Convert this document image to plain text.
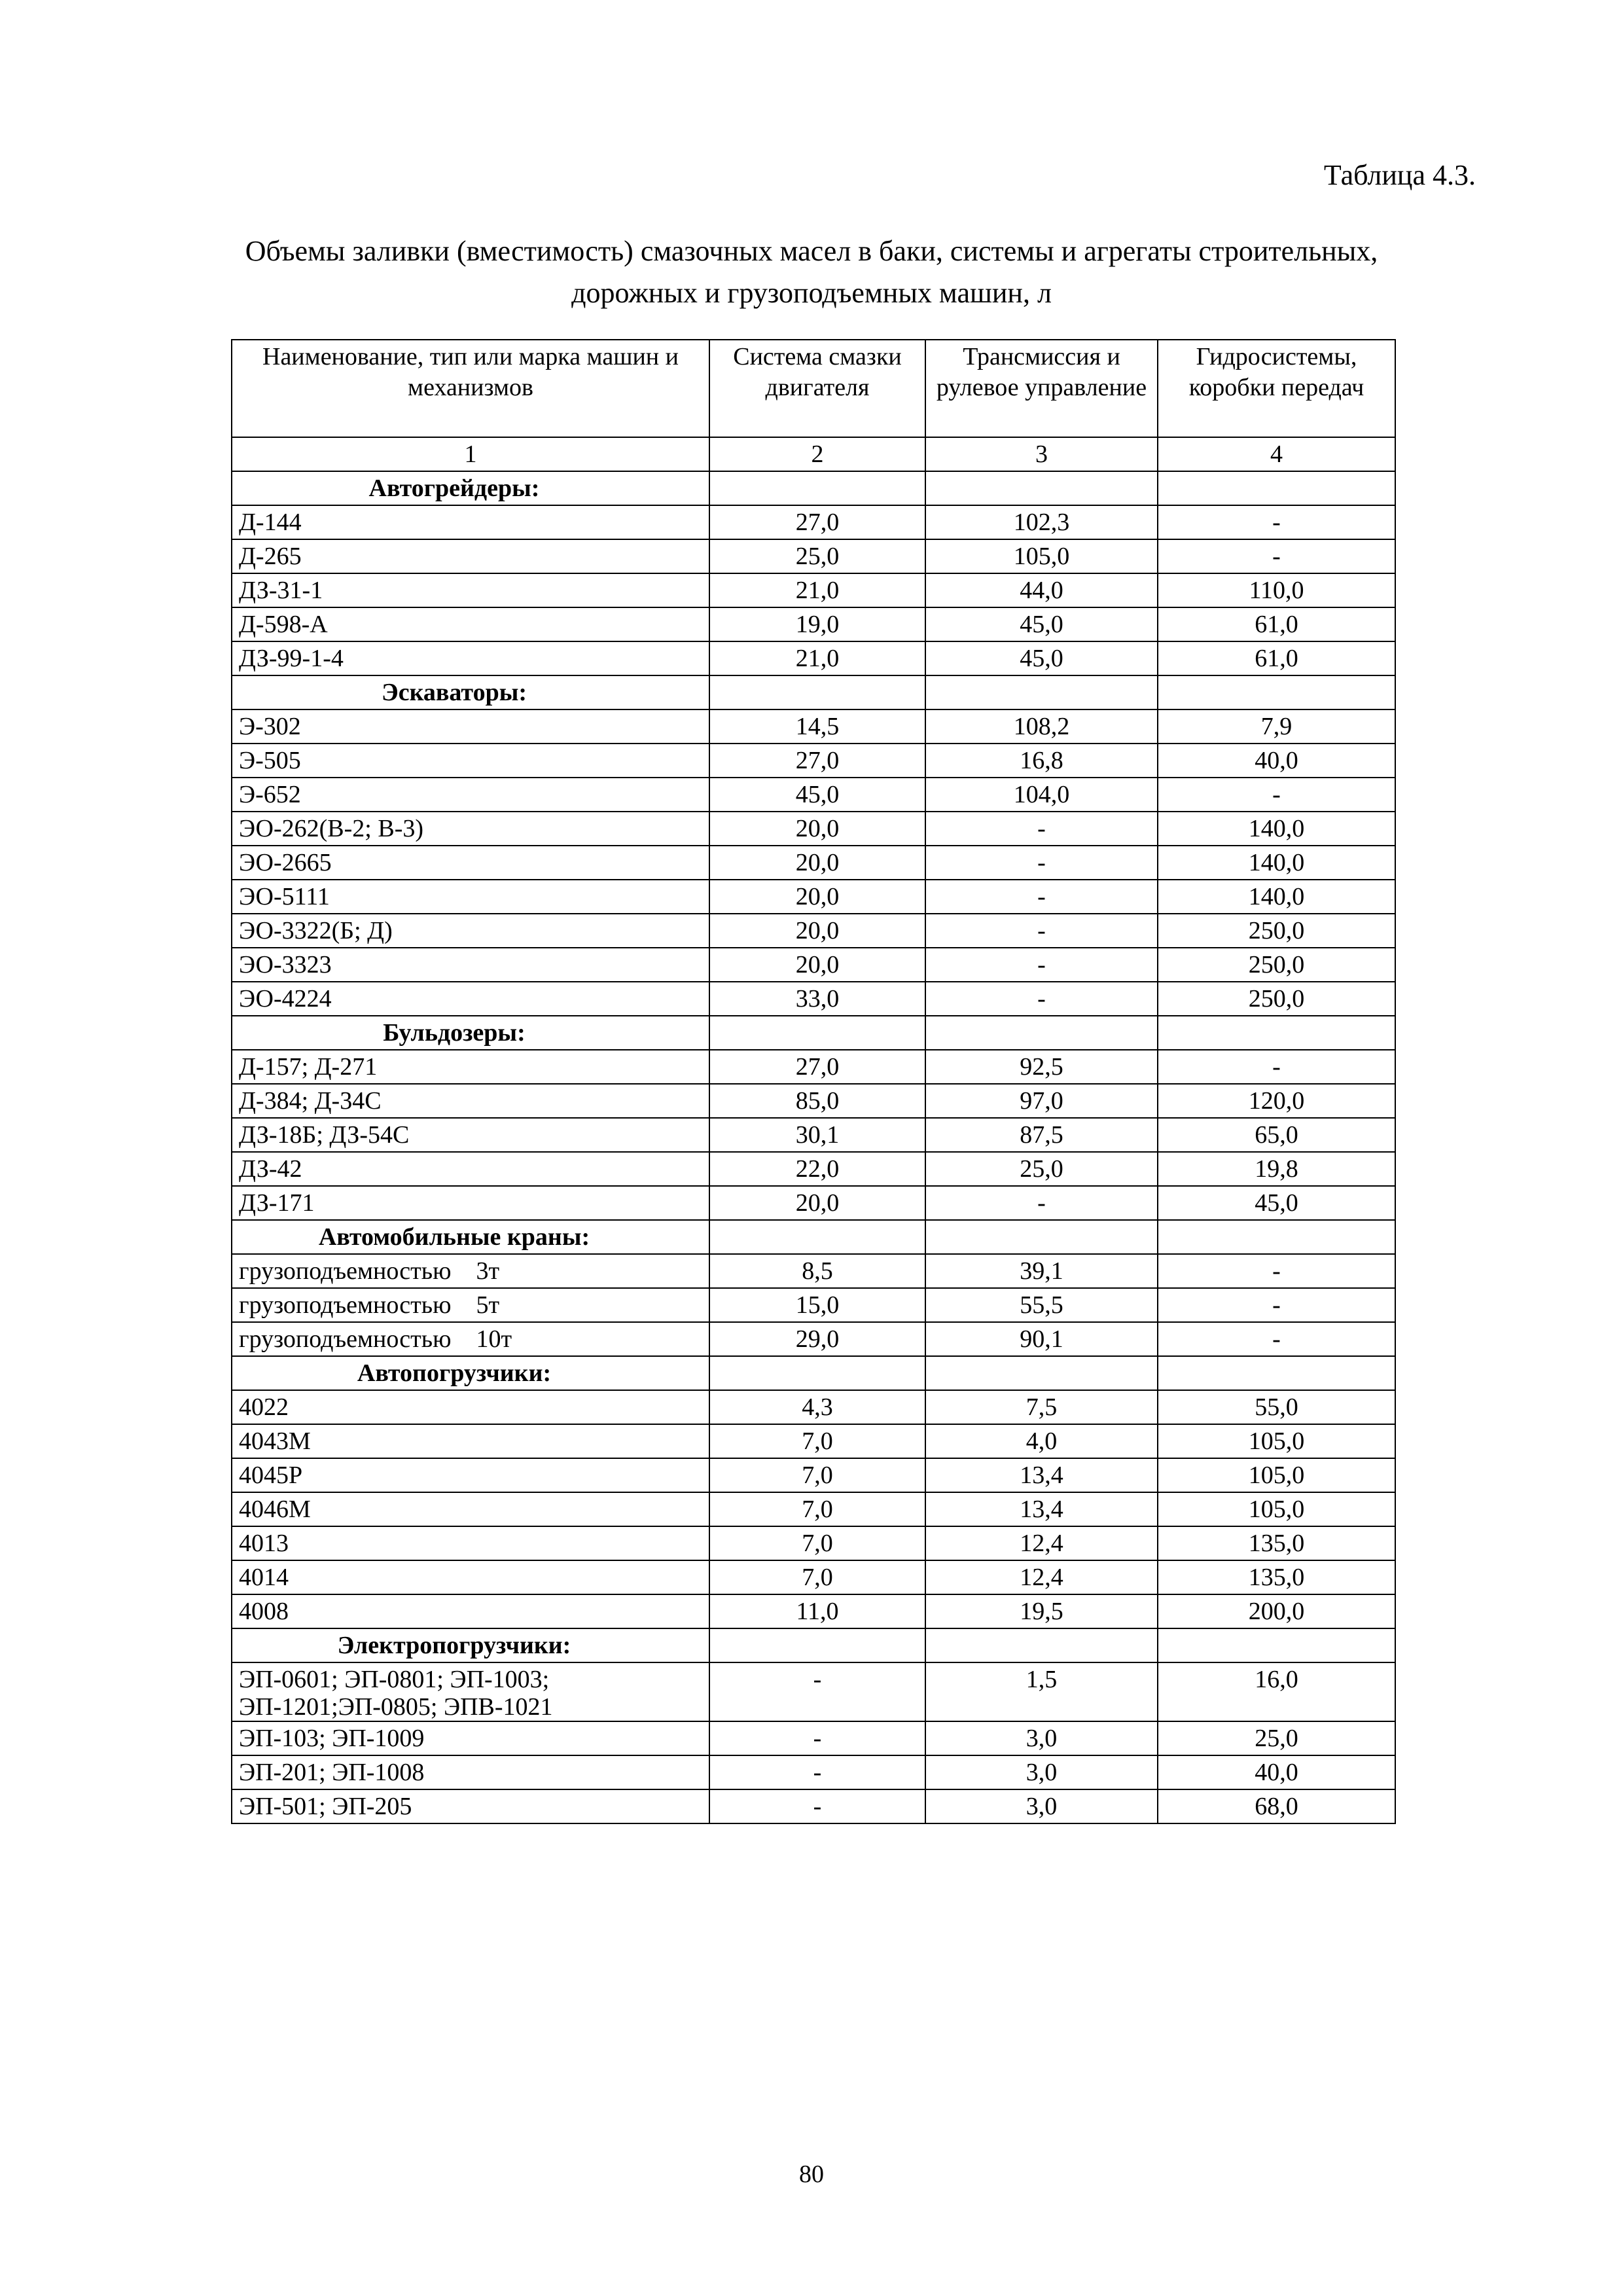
Таблица 4.3.
Объемы заливки (вместимость) смазочных масел в баки, системы и агрегаты строительных,
дорожных и грузоподъемных машин, л
Наименование, тип или марка машин и механизмов	Система смазки двигателя	Трансмиссия и рулевое управление	Гидросистемы, коробки передач
1	2	3	4
Автогрейдеры:			
Д-144	27,0	102,3	-
Д-265	25,0	105,0	-
ДЗ-31-1	21,0	44,0	110,0
Д-598-А	19,0	45,0	61,0
ДЗ-99-1-4	21,0	45,0	61,0
Эскаваторы:			
Э-302	14,5	108,2	7,9
Э-505	27,0	16,8	40,0
Э-652	45,0	104,0	-
ЭО-262(В-2; В-3)	20,0	-	140,0
ЭО-2665	20,0	-	140,0
ЭО-5111	20,0	-	140,0
ЭО-3322(Б; Д)	20,0	-	250,0
ЭО-3323	20,0	-	250,0
ЭО-4224	33,0	-	250,0
Бульдозеры:			
Д-157; Д-271	27,0	92,5	-
Д-384; Д-34С	85,0	97,0	120,0
ДЗ-18Б; ДЗ-54С	30,1	87,5	65,0
ДЗ-42	22,0	25,0	19,8
ДЗ-171	20,0	-	45,0
Автомобильные краны:			
грузоподъемностью    3т	8,5	39,1	-
грузоподъемностью    5т	15,0	55,5	-
грузоподъемностью    10т	29,0	90,1	-
Автопогрузчики:			
4022	4,3	7,5	55,0
4043М	7,0	4,0	105,0
4045Р	7,0	13,4	105,0
4046М	7,0	13,4	105,0
4013	7,0	12,4	135,0
4014	7,0	12,4	135,0
4008	11,0	19,5	200,0
Электропогрузчики:			
ЭП-0601; ЭП-0801; ЭП-1003; ЭП-1201;ЭП-0805; ЭПВ-1021	-	1,5	16,0
ЭП-103; ЭП-1009	-	3,0	25,0
ЭП-201; ЭП-1008	-	3,0	40,0
ЭП-501; ЭП-205	-	3,0	68,0
80
